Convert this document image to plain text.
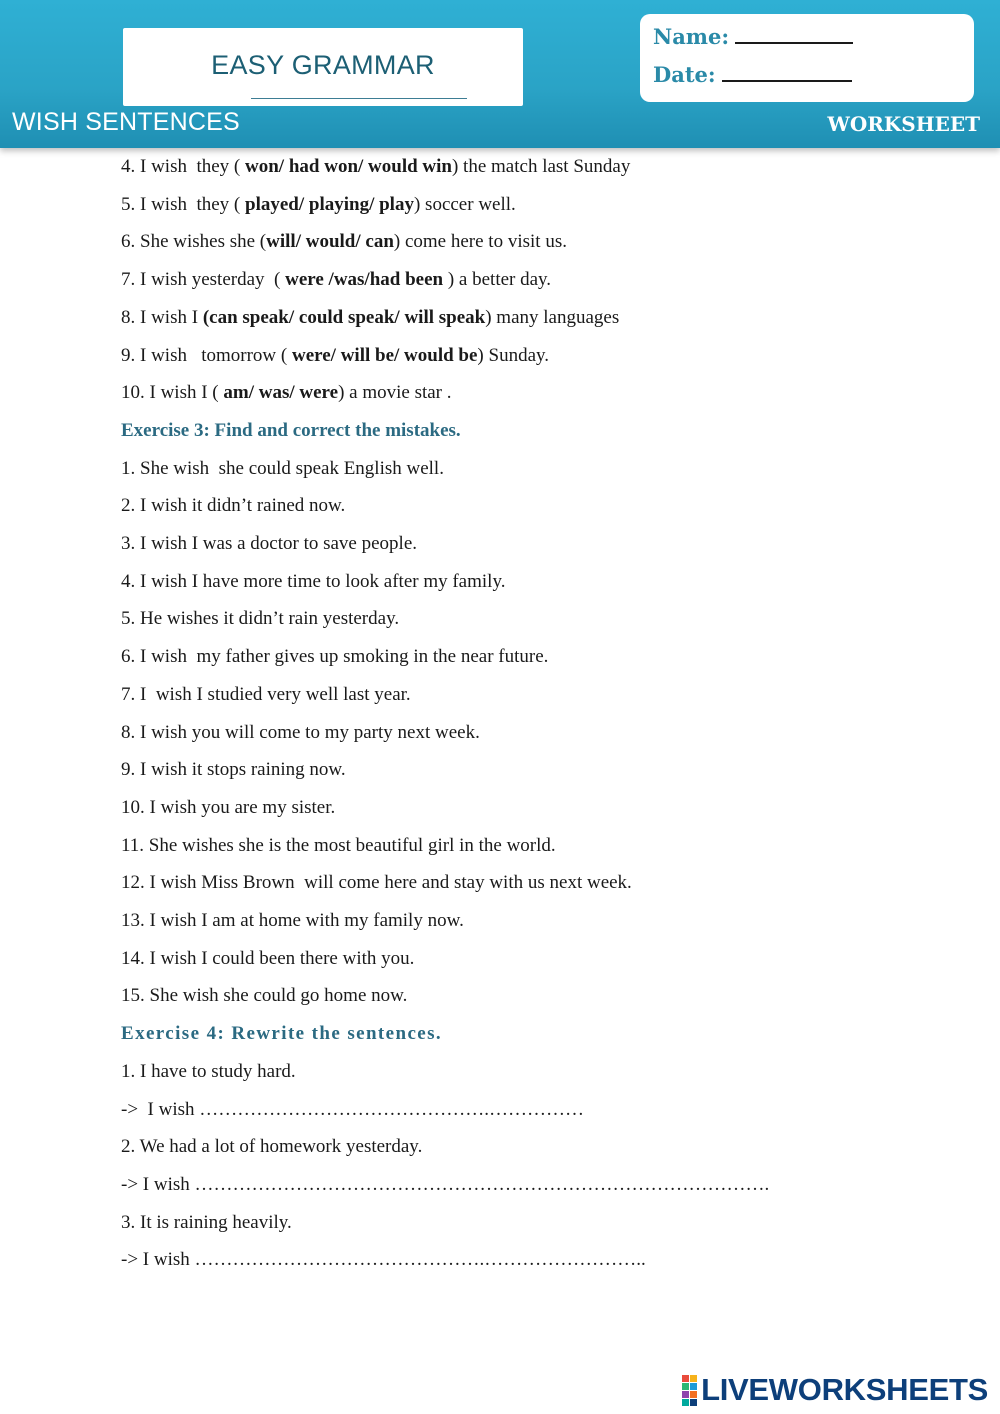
EASY GRAMMAR
Name:
Date:
WISH SENTENCES	WORKSHEET
4. I wish  they ( won/ had won/ would win) the match last Sunday
5. I wish  they ( played/ playing/ play) soccer well.
6. She wishes she (will/ would/ can) come here to visit us.
7. I wish yesterday  ( were /was/had been ) a better day.
8. I wish I (can speak/ could speak/ will speak) many languages
9. I wish   tomorrow ( were/ will be/ would be) Sunday.
10. I wish I ( am/ was/ were) a movie star .
Exercise 3: Find and correct the mistakes.
1. She wish  she could speak English well.
2. I wish it didn’t rained now.
3. I wish I was a doctor to save people.
4. I wish I have more time to look after my family.
5. He wishes it didn’t rain yesterday.
6. I wish  my father gives up smoking in the near future.
7. I  wish I studied very well last year.
8. I wish you will come to my party next week.
9. I wish it stops raining now.
10. I wish you are my sister.
11. She wishes she is the most beautiful girl in the world.
12. I wish Miss Brown  will come here and stay with us next week.
13. I wish I am at home with my family now.
14. I wish I could been there with you.
15. She wish she could go home now.
Exercise 4: Rewrite the sentences.
1. I have to study hard.
->  I wish ……………………………………….……………
2. We had a lot of homework yesterday.
-> I wish ……………………………………………………………………………….
3. It is raining heavily.
-> I wish ……………………………………….……………………..
LIVEWORKSHEETS
